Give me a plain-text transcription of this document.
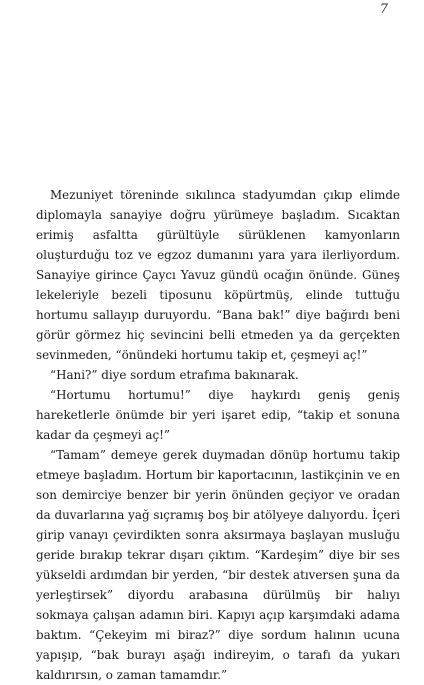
7

Mezuniyet töreninde sıkılınca stadyumdan çıkıp elimde diplomayla sanayiye doğru yürümeye başladım. Sıcaktan erimiş asfaltta gürültüyle sürüklenen kamyonların oluşturduğu toz ve egzoz dumanını yara yara ilerliyordum. Sanayiye girince Çaycı Yavuz gündü ocağın önünde. Güneş lekeleriyle bezeli tiposunu köpürtmüş, elinde tuttuğu hortumu sallayıp duruyordu. “Bana bak!” diye bağırdı beni görür görmez hiç sevincini belli etmeden ya da gerçekten sevinmeden, “önündeki hortumu takip et, çeşmeyi aç!”

“Hani?” diye sordum etrafıma bakınarak.

“Hortumu hortumu!” diye haykırdı geniş geniş hareketlerle önümde bir yeri işaret edip, “takip et sonuna kadar da çeşmeyi aç!”

“Tamam” demeye gerek duymadan dönüp hortumu takip etmeye başladım. Hortum bir kaportacının, lastikçinin ve en son demirciye benzer bir yerin önünden geçiyor ve oradan da duvarlarına yağ sıçramış boş bir atölyeye dalıyordu. İçeri girip vanayı çevirdikten sonra aksırmaya başlayan musluğu geride bırakıp tekrar dışarı çıktım. “Kardeşim” diye bir ses yükseldi ardımdan bir yerden, “bir destek atıversen şuna da yerleştirsek” diyordu arabasına dürülmüş bir halıyı sokmaya çalışan adamın biri. Kapıyı açıp karşımdaki adama baktım. “Çekeyim mi biraz?” diye sordum halının ucuna yapışıp, “bak burayı aşağı indireyim, o tarafı da yukarı kaldırırsın, o zaman tamamdır.”
